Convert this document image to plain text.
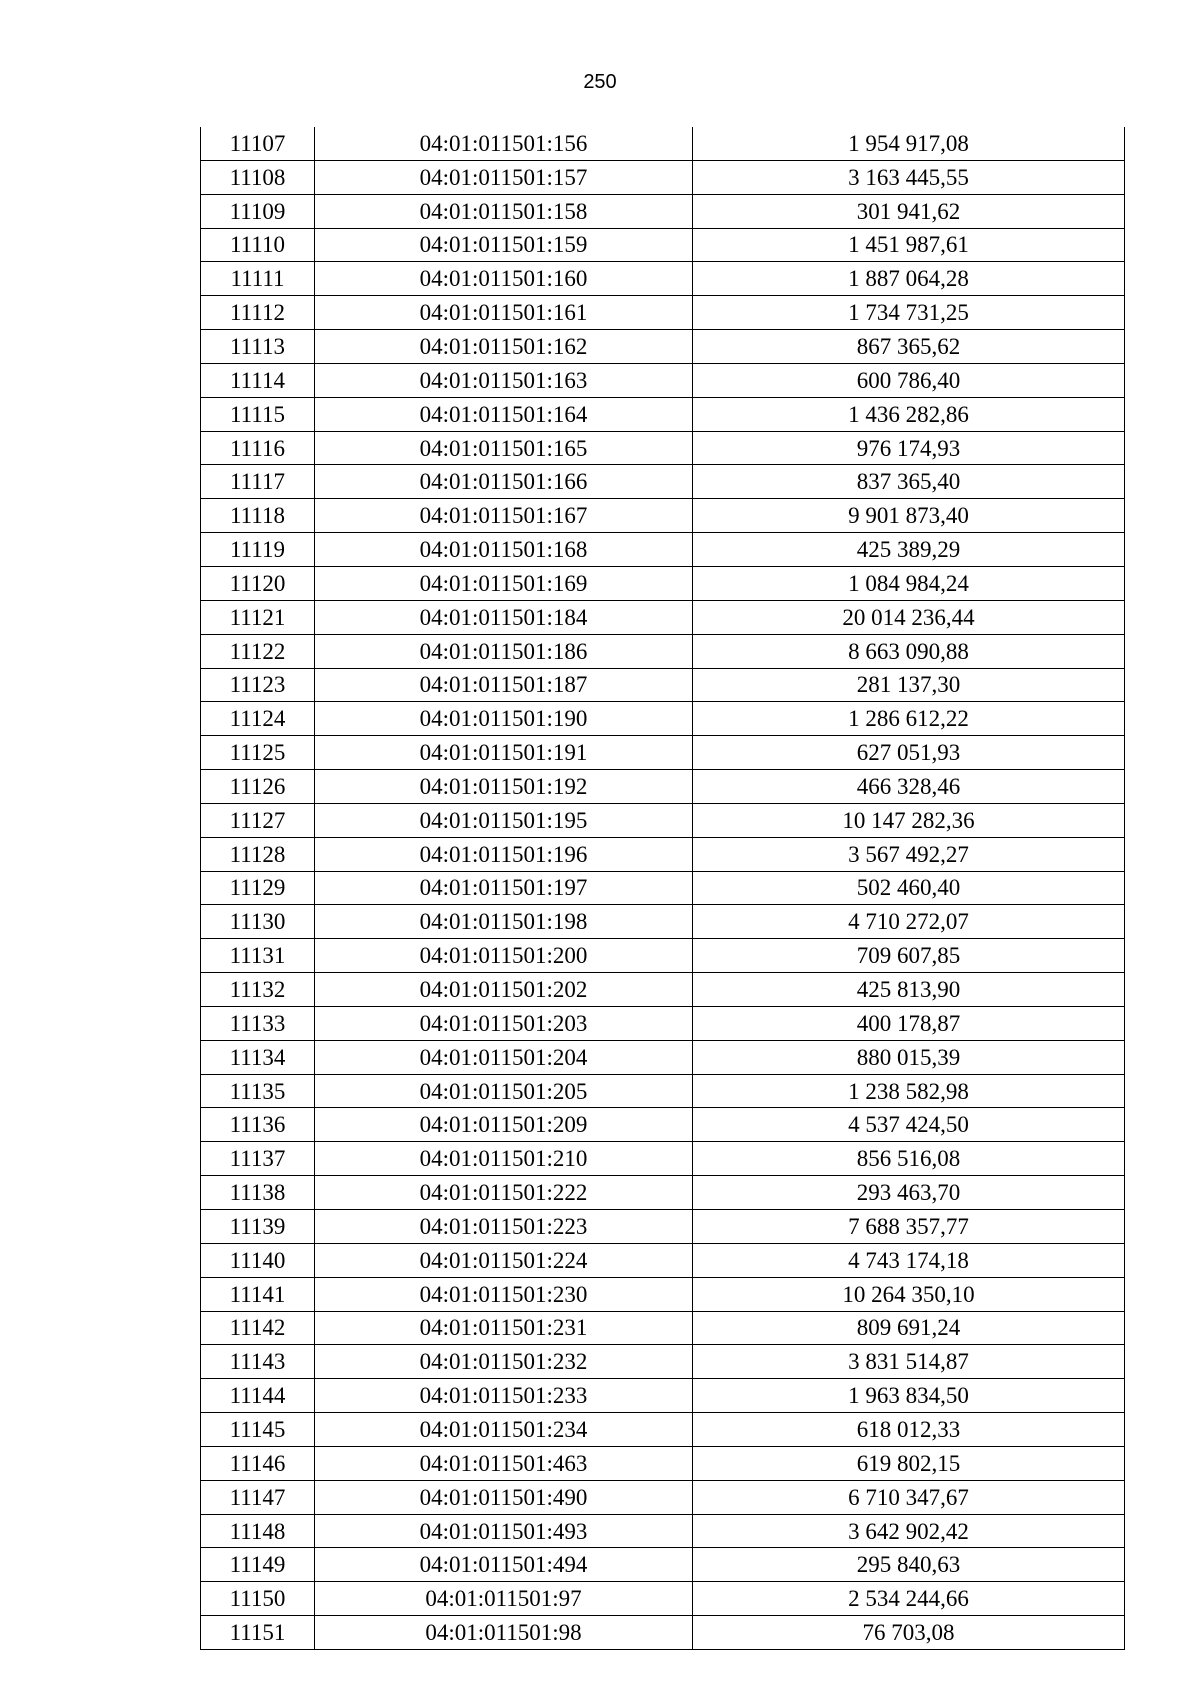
250
11107	04:01:011501:156	1 954 917,08
11108	04:01:011501:157	3 163 445,55
11109	04:01:011501:158	301 941,62
11110	04:01:011501:159	1 451 987,61
11111	04:01:011501:160	1 887 064,28
11112	04:01:011501:161	1 734 731,25
11113	04:01:011501:162	867 365,62
11114	04:01:011501:163	600 786,40
11115	04:01:011501:164	1 436 282,86
11116	04:01:011501:165	976 174,93
11117	04:01:011501:166	837 365,40
11118	04:01:011501:167	9 901 873,40
11119	04:01:011501:168	425 389,29
11120	04:01:011501:169	1 084 984,24
11121	04:01:011501:184	20 014 236,44
11122	04:01:011501:186	8 663 090,88
11123	04:01:011501:187	281 137,30
11124	04:01:011501:190	1 286 612,22
11125	04:01:011501:191	627 051,93
11126	04:01:011501:192	466 328,46
11127	04:01:011501:195	10 147 282,36
11128	04:01:011501:196	3 567 492,27
11129	04:01:011501:197	502 460,40
11130	04:01:011501:198	4 710 272,07
11131	04:01:011501:200	709 607,85
11132	04:01:011501:202	425 813,90
11133	04:01:011501:203	400 178,87
11134	04:01:011501:204	880 015,39
11135	04:01:011501:205	1 238 582,98
11136	04:01:011501:209	4 537 424,50
11137	04:01:011501:210	856 516,08
11138	04:01:011501:222	293 463,70
11139	04:01:011501:223	7 688 357,77
11140	04:01:011501:224	4 743 174,18
11141	04:01:011501:230	10 264 350,10
11142	04:01:011501:231	809 691,24
11143	04:01:011501:232	3 831 514,87
11144	04:01:011501:233	1 963 834,50
11145	04:01:011501:234	618 012,33
11146	04:01:011501:463	619 802,15
11147	04:01:011501:490	6 710 347,67
11148	04:01:011501:493	3 642 902,42
11149	04:01:011501:494	295 840,63
11150	04:01:011501:97	2 534 244,66
11151	04:01:011501:98	76 703,08
